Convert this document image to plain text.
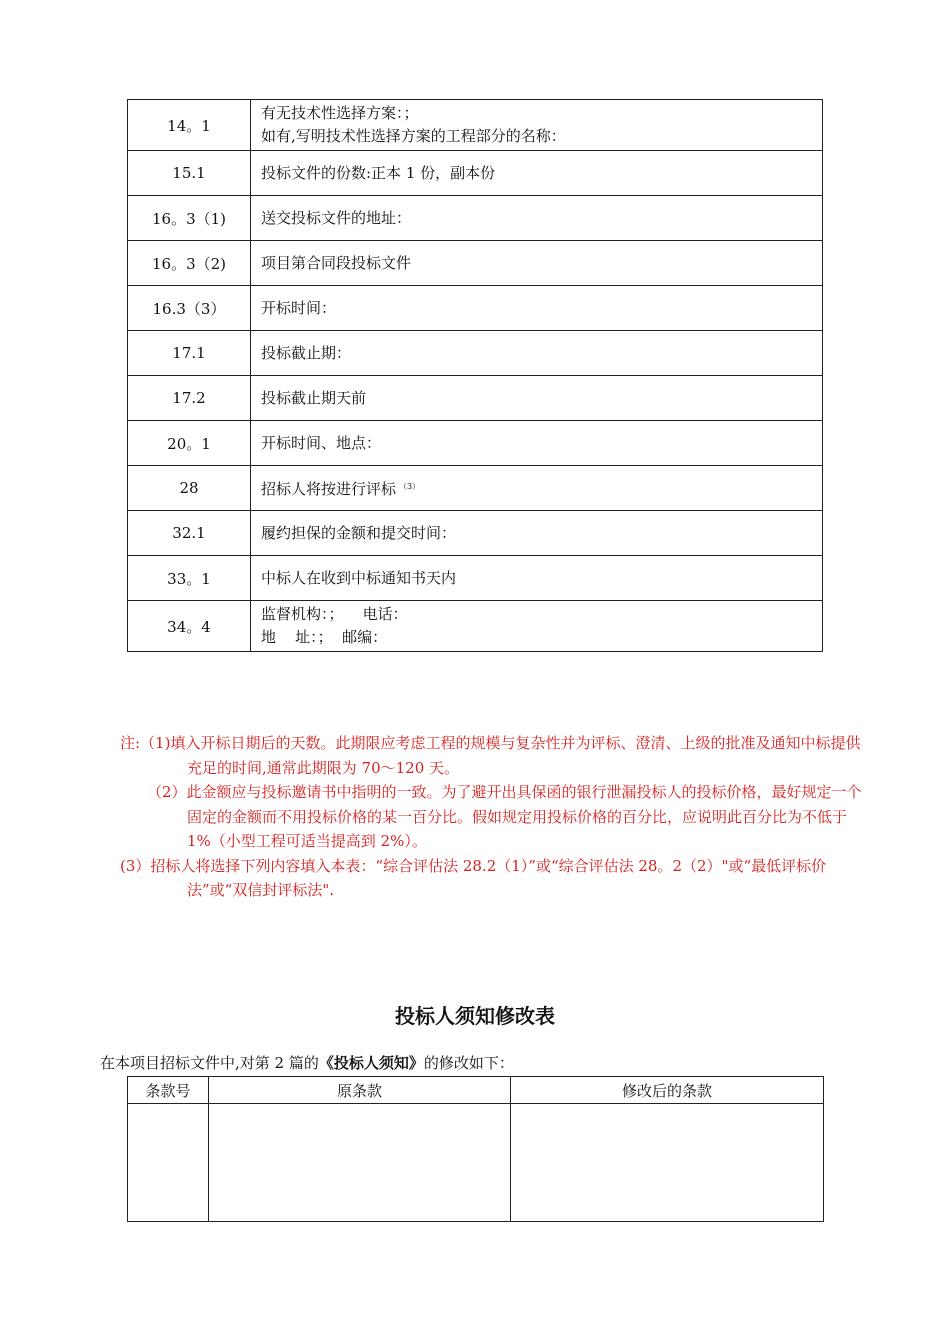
14。1	有无技术性选择方案：；
如有,写明技术性选择方案的工程部分的名称：

15.1	投标文件的份数:正本 1 份，副本份
16。3（1)	送交投标文件的地址：
16。3（2)	项目第合同段投标文件
16.3（3）	开标时间：
17.1	投标截止期：
17.2	投标截止期天前
20。1	开标时间、地点：
28	招标人将按进行评标 $^{(3)}$
32.1	履约担保的金额和提交时间：
33。1	中标人在收到中标通知书天内
34。4	监督机构：；    电话：
地    址：；  邮编：

注:（1)填入开标日期后的天数。此期限应考虑工程的规模与复杂性并为评标、澄清、上级的批准及通知中标提供充足的时间,通常此期限为 70～120 天。

（2）此金额应与投标邀请书中指明的一致。为了避开出具保函的银行泄漏投标人的投标价格，最好规定一个固定的金额而不用投标价格的某一百分比。假如规定用投标价格的百分比，应说明此百分比为不低于 1%（小型工程可适当提高到 2%）。

(3）招标人将选择下列内容填入本表：“综合评估法 28.2（1）”或“综合评估法 28。2（2）"或“最低评标价法”或“双信封评标法".

投标人须知修改表

在本项目招标文件中,对第 2 篇的《投标人须知》的修改如下：

条款号	原条款	修改后的条款
